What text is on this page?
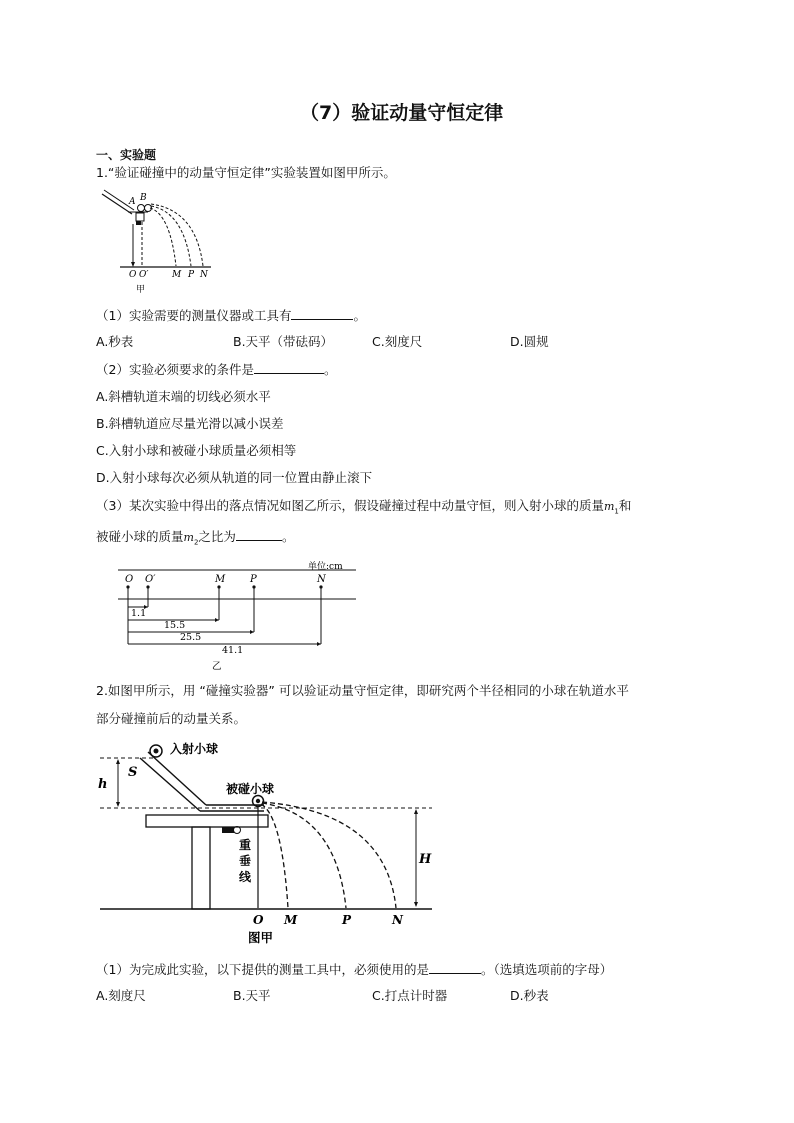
（7）验证动量守恒定律
一、实验题
1.“验证碰撞中的动量守恒定律”实验装置如图甲所示。
A B
O O′	M P N
甲
（1）实验需要的测量仪器或工具有	。
A.秒表	B.天平（带砝码）	C.刻度尺	D.圆规
（2）实验必须要求的条件是	。
A.斜槽轨道末端的切线必须水平
B.斜槽轨道应尽量光滑以减小误差
C.入射小球和被碰小球质量必须相等
D.入射小球每次必须从轨道的同一位置由静止滚下
（3）某次实验中得出的落点情况如图乙所示，假设碰撞过程中动量守恒，则入射小球的质量$m_1$和
被碰小球的质量$m_2$之比为	。
单位:cm
O O′	M P	N
1.1
15.5
25.5
41.1
乙
2.如图甲所示，用 “碰撞实验器” 可以验证动量守恒定律，即研究两个半径相同的小球在轨道水平
部分碰撞前后的动量关系。
入射小球
被碰小球
S
h
H
重
垂
线
O M	P	N
图甲
（1）为完成此实验，以下提供的测量工具中，必须使用的是	。（选填选项前的字母）
A.刻度尺	B.天平	C.打点计时器	D.秒表
